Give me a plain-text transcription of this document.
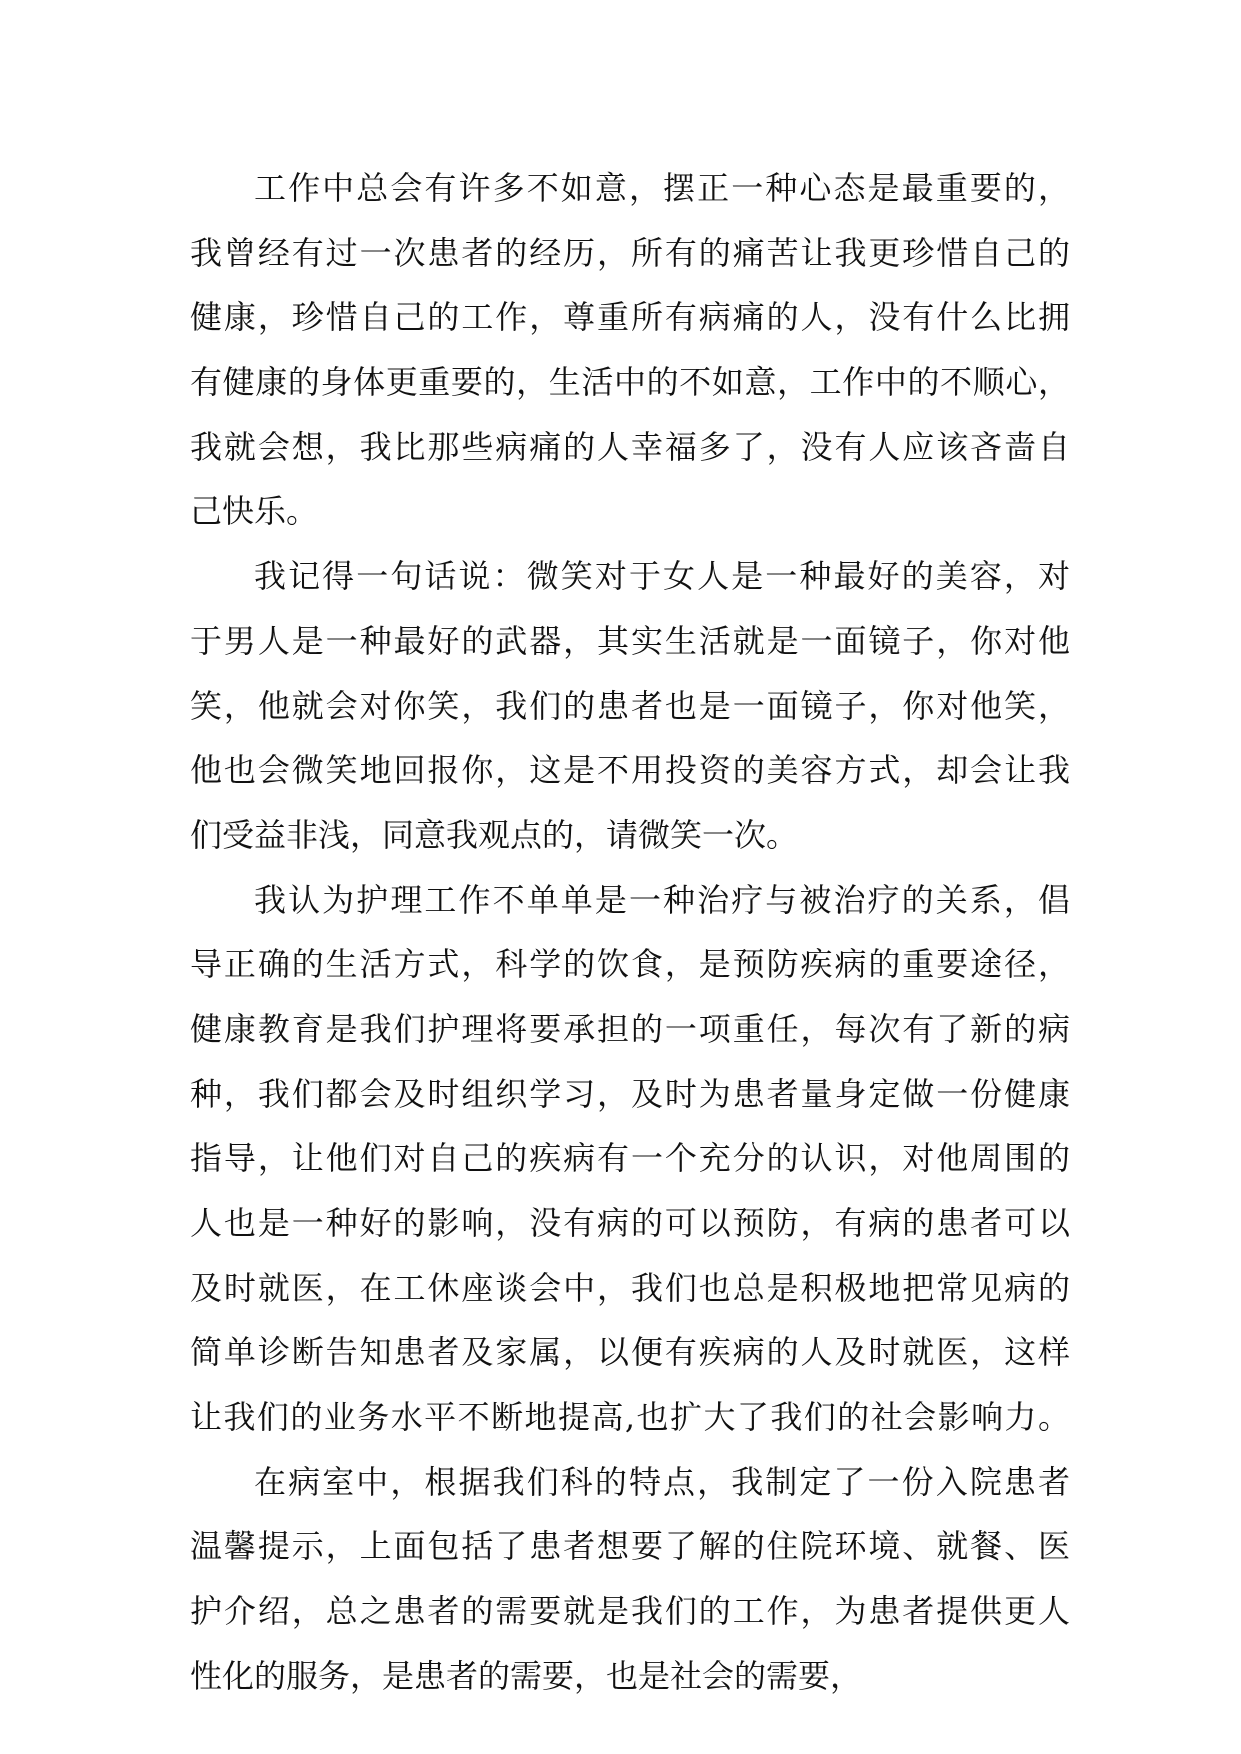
工作中总会有许多不如意，摆正一种心态是最重要的，
我曾经有过一次患者的经历，所有的痛苦让我更珍惜自己的
健康，珍惜自己的工作，尊重所有病痛的人，没有什么比拥
有健康的身体更重要的，生活中的不如意，工作中的不顺心，
我就会想，我比那些病痛的人幸福多了，没有人应该吝啬自
己快乐。
我记得一句话说：微笑对于女人是一种最好的美容，对
于男人是一种最好的武器，其实生活就是一面镜子，你对他
笑，他就会对你笑，我们的患者也是一面镜子，你对他笑，
他也会微笑地回报你，这是不用投资的美容方式，却会让我
们受益非浅，同意我观点的，请微笑一次。
我认为护理工作不单单是一种治疗与被治疗的关系，倡
导正确的生活方式，科学的饮食，是预防疾病的重要途径，
健康教育是我们护理将要承担的一项重任，每次有了新的病
种，我们都会及时组织学习，及时为患者量身定做一份健康
指导，让他们对自己的疾病有一个充分的认识，对他周围的
人也是一种好的影响，没有病的可以预防，有病的患者可以
及时就医，在工休座谈会中，我们也总是积极地把常见病的
简单诊断告知患者及家属，以便有疾病的人及时就医，这样
让我们的业务水平不断地提高,也扩大了我们的社会影响力。
在病室中，根据我们科的特点，我制定了一份入院患者
温馨提示，上面包括了患者想要了解的住院环境、就餐、医
护介绍，总之患者的需要就是我们的工作，为患者提供更人
性化的服务，是患者的需要，也是社会的需要，
